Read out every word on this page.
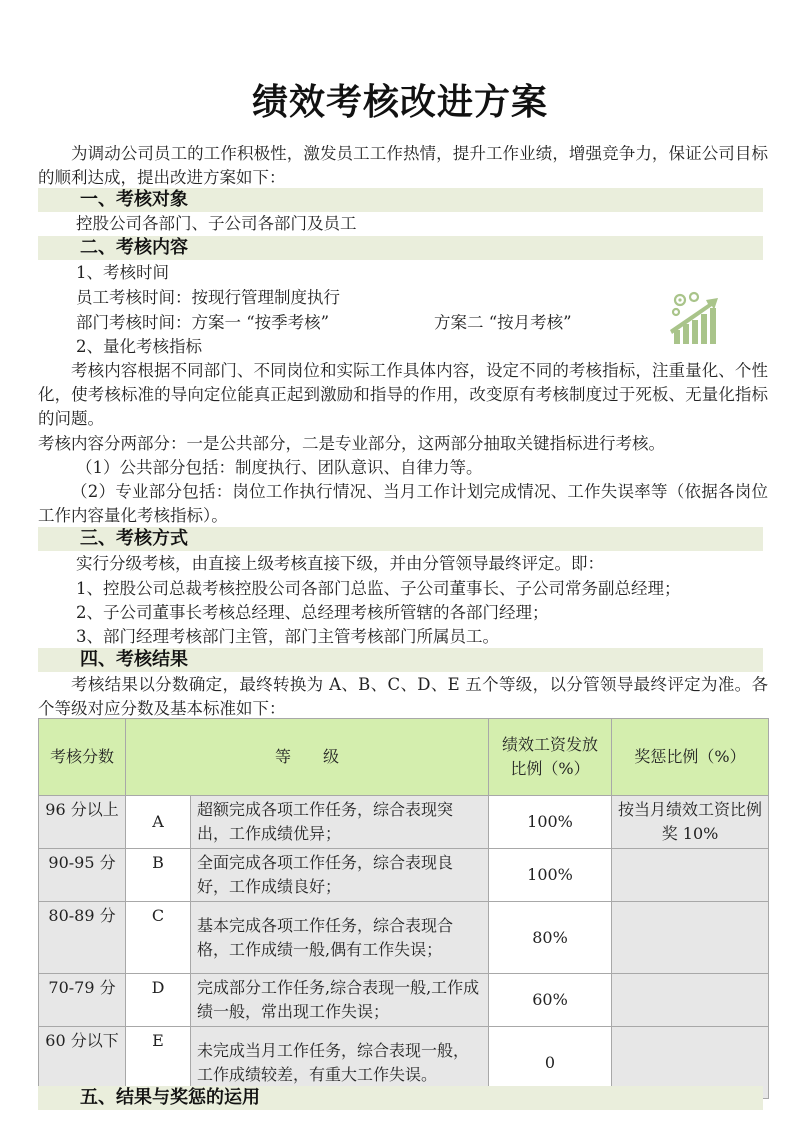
绩效考核改进方案
为调动公司员工的工作积极性，激发员工工作热情，提升工作业绩，增强竞争力，保证公司目标的顺利达成，提出改进方案如下：
一、考核对象
控股公司各部门、子公司各部门及员工
二、考核内容
1、考核时间
员工考核时间：按现行管理制度执行
部门考核时间：方案一 “按季考核”	方案二 “按月考核”
2、量化考核指标
考核内容根据不同部门、不同岗位和实际工作具体内容，设定不同的考核指标，注重量化、个性化，使考核标准的导向定位能真正起到激励和指导的作用，改变原有考核制度过于死板、无量化指标的问题。
考核内容分两部分：一是公共部分，二是专业部分，这两部分抽取关键指标进行考核。
（1）公共部分包括：制度执行、团队意识、自律力等。
（2）专业部分包括：岗位工作执行情况、当月工作计划完成情况、工作失误率等（依据各岗位工作内容量化考核指标）。
三、考核方式
实行分级考核，由直接上级考核直接下级，并由分管领导最终评定。即：
1、控股公司总裁考核控股公司各部门总监、子公司董事长、子公司常务副总经理；
2、子公司董事长考核总经理、总经理考核所管辖的各部门经理；
3、部门经理考核部门主管，部门主管考核部门所属员工。
四、考核结果
考核结果以分数确定，最终转换为 A、B、C、D、E 五个等级，以分管领导最终评定为准。各个等级对应分数及基本标准如下：
考核分数	等　　级		绩效工资发放比例（%）	奖惩比例（%）
96 分以上	A	超额完成各项工作任务，综合表现突出，工作成绩优异；	100%	按当月绩效工资比例奖 10%
90-95 分	B	全面完成各项工作任务，综合表现良好，工作成绩良好；	100%	
80-89 分	C	基本完成各项工作任务，综合表现合格，工作成绩一般,偶有工作失误；	80%	
70-79 分	D	完成部分工作任务,综合表现一般,工作成绩一般，常出现工作失误；	60%	
60 分以下	E	未完成当月工作任务，综合表现一般，工作成绩较差，有重大工作失误。	0	
五、结果与奖惩的运用
